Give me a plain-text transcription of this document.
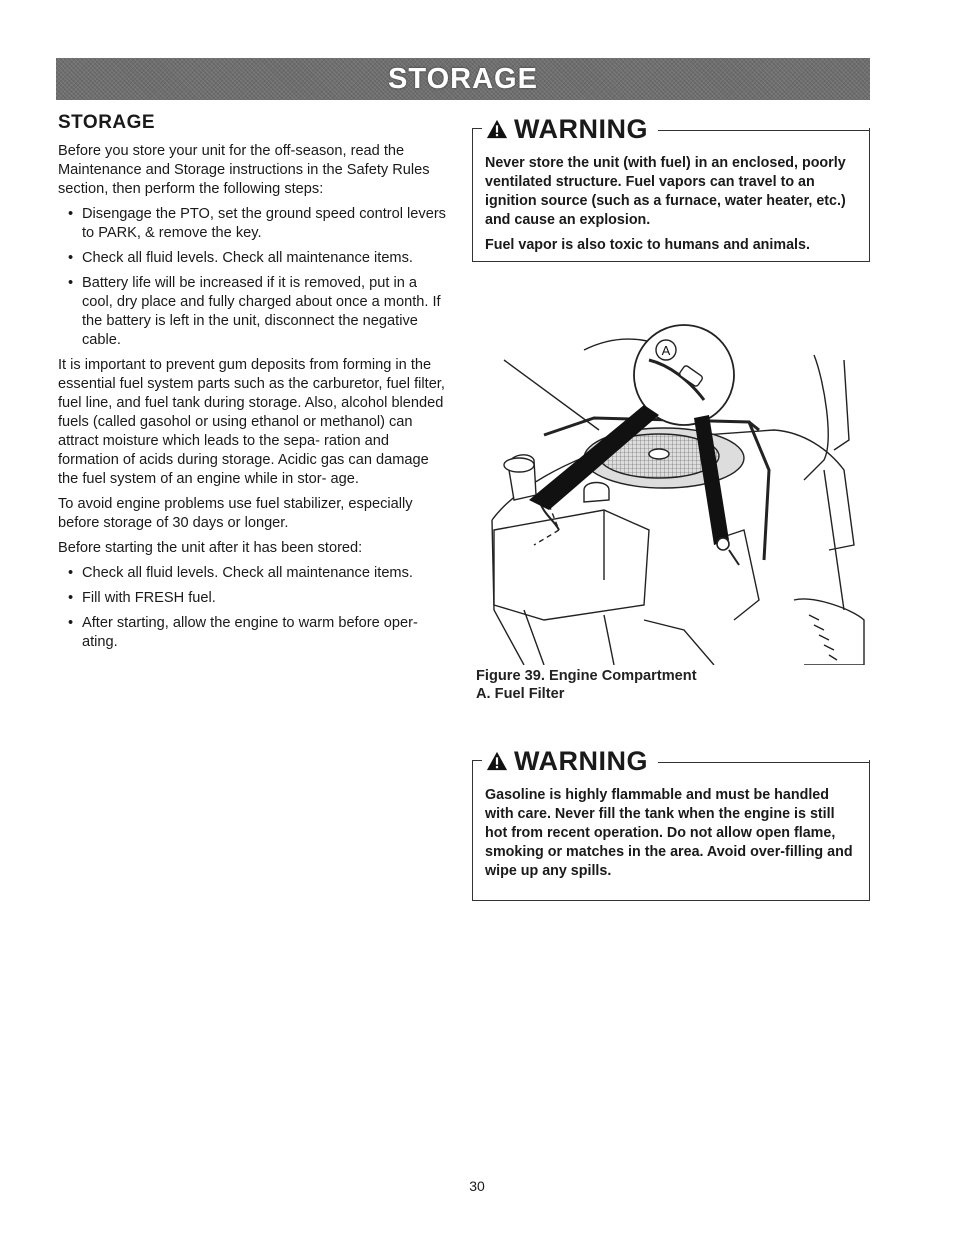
STORAGE
STORAGE

Before you store your unit for the off-season, read the Maintenance and Storage instructions in the Safety Rules section, then perform the following steps:

• Disengage the PTO, set the ground speed control levers to PARK, & remove the key.
• Check all fluid levels. Check all maintenance items.
• Battery life will be increased if it is removed, put in a cool, dry place and fully charged about once a month. If the battery is left in the unit, disconnect the negative cable.

It is important to prevent gum deposits from forming in the essential fuel system parts such as the carburetor, fuel filter, fuel line, and fuel tank during storage. Also, alcohol blended fuels (called gasohol or using ethanol or methanol) can attract moisture which leads to the sepa- ration and formation of acids during storage. Acidic gas can damage the fuel system of an engine while in stor- age.

To avoid engine problems use fuel stabilizer, especially before storage of 30 days or longer.

Before starting the unit after it has been stored:

• Check all fluid levels. Check all maintenance items.
• Fill with FRESH fuel.
• After starting, allow the engine to warm before oper- ating.
WARNING

Never store the unit (with fuel) in an enclosed, poorly ventilated structure. Fuel vapors can travel to an ignition source (such as a furnace, water heater, etc.) and cause an explosion.

Fuel vapor is also toxic to humans and animals.

A
Figure 39. Engine Compartment
A. Fuel Filter
WARNING

Gasoline is highly flammable and must be handled with care. Never fill the tank when the engine is still hot from recent operation. Do not allow open flame, smoking or matches in the area. Avoid over-filling and wipe up any spills.

30
